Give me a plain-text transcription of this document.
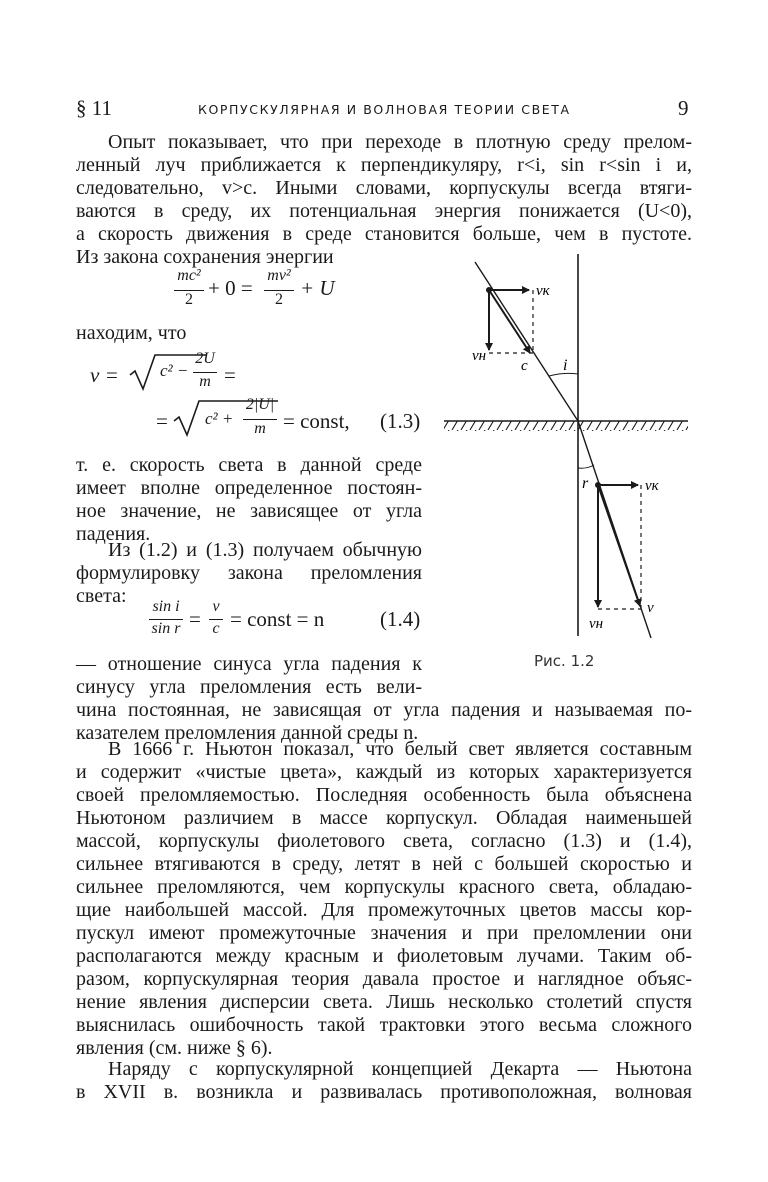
§ 11	КОРПУСКУЛЯРНАЯ И ВОЛНОВАЯ ТЕОРИИ СВЕТА	9
Опыт показывает, что при переходе в плотную среду прелом-
ленный луч приближается к перпендикуляру, r<i, sin r<sin i и,
следовательно, v>c. Иными словами, корпускулы всегда втяги-
ваются в среду, их потенциальная энергия понижается (U<0),
а скорость движения в среде становится больше, чем в пустоте.
Из закона сохранения энергии
mc²
2 + 0 =
mv²
2 + U
находим, что
v = c² −
2U
m =
= c² +
2|U|
m = const, (1.3)
т. е. скорость света в данной среде
имеет вполне определенное постоян-
ное значение, не зависящее от угла
падения.
Из (1.2) и (1.3) получаем обычную
формулировку закона преломления
света:	sin i
sin r =
v
c = const = n	(1.4)
— отношение синуса угла падения к
синусу угла преломления есть вели-
чина постоянная, не зависящая от угла падения и называемая по-
казателем преломления данной среды n.
В 1666 г. Ньютон показал, что белый свет является составным
и содержит «чистые цвета», каждый из которых характеризуется
своей преломляемостью. Последняя особенность была объяснена
Ньютоном различием в массе корпускул. Обладая наименьшей
массой, корпускулы фиолетового света, согласно (1.3) и (1.4),
сильнее втягиваются в среду, летят в ней с большей скоростью и
сильнее преломляются, чем корпускулы красного света, обладаю-
щие наибольшей массой. Для промежуточных цветов массы кор-
пускул имеют промежуточные значения и при преломлении они
располагаются между красным и фиолетовым лучами. Таким об-
разом, корпускулярная теория давала простое и наглядное объяс-
нение явления дисперсии света. Лишь несколько столетий спустя
выяснилась ошибочность такой трактовки этого весьма сложного
явления (см. ниже § 6).
Наряду с корпускулярной концепцией Декарта — Ньютона
в XVII в. возникла и развивалась противоположная, волновая
vк
vн
c i
r	vк
v
vн
Рис. 1.2
